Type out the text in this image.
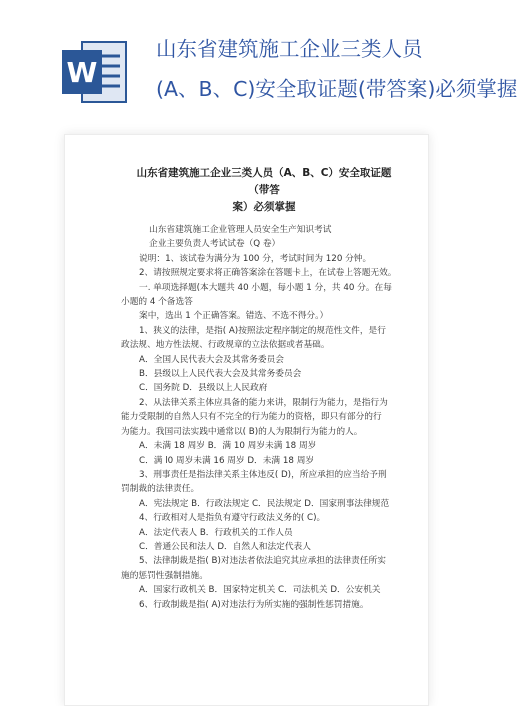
W
山东省建筑施工企业三类人员
(A、B、C)安全取证题(带答案)必须掌握
山东省建筑施工企业三类人员（A、B、C）安全取证题（带答
案）必须掌握
山东省建筑施工企业管理人员安全生产知识考试
企业主要负责人考试试卷（Q 卷）
说明：1、该试卷为满分为 100 分，考试时间为 120 分钟。
2、请按照规定要求将正确答案涂在答题卡上，在试卷上答题无效。
一. 单项选择题(本大题共 40 小题，每小题 1 分，共 40 分。在每
小题的 4 个备选答
案中，选出 1 个正确答案。错选、不选不得分。）
1、狭义的法律，是指( A)按照法定程序制定的规范性文件，是行
政法规、地方性法规、行政规章的立法依据或者基础。
A．全国人民代表大会及其常务委员会
B．县级以上人民代表大会及其常务委员会
C．国务院 D．县级以上人民政府
2、从法律关系主体应具备的能力来讲，限制行为能力，是指行为
能力受限制的自然人只有不完全的行为能力的资格，即只有部分的行
为能力。我国司法实践中通常以( B)的人为限制行为能力的人。
A．未满 18 周岁 B．满 10 周岁未满 18 周岁
C．满 l0 周岁未满 16 周岁 D．未满 18 周岁
3、刑事责任是指法律关系主体违反( D)，所应承担的应当给予刑
罚制裁的法律责任。
A．宪法规定 B．行政法规定 C．民法规定 D．国家刑事法律规范
4、行政相对人是指负有遵守行政法义务的( C)。
A．法定代表人 B．行政机关的工作人员
C．普通公民和法人 D．自然人和法定代表人
5、法律制裁是指( B)对违法者依法追究其应承担的法律责任所实
施的惩罚性强制措施。
A．国家行政机关 B．国家特定机关 C．司法机关 D．公安机关
6、行政制裁是指( A)对违法行为所实施的强制性惩罚措施。
